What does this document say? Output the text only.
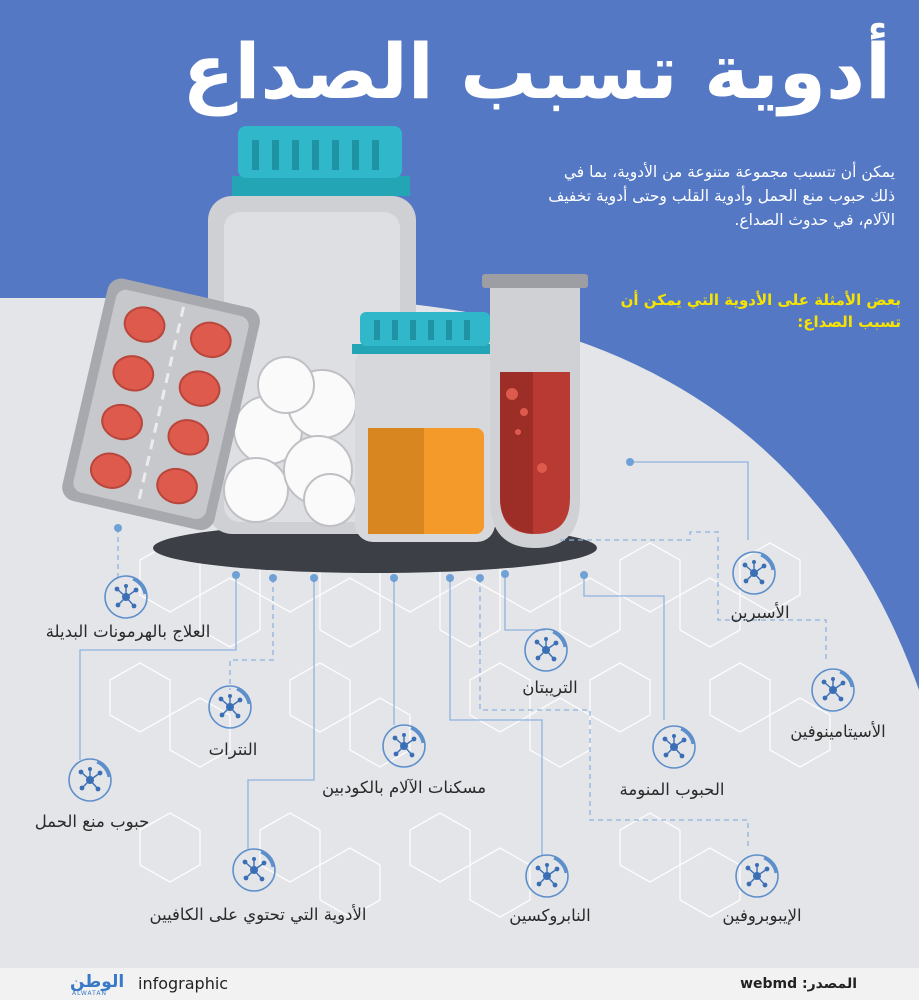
أدوية تسبب الصداع
يمكن أن تتسبب مجموعة متنوعة من الأدوية، بما في ذلك حبوب منع الحمل وأدوية القلب وحتى أدوية تخفيف الآلام، في حدوث الصداع.
بعض الأمثلة على الأدوية التي يمكن أن تسبب الصداع:
العلاج بالهرمونات البديلة
النترات
حبوب منع الحمل
الأدوية التي تحتوي على الكافيين
مسكنات الآلام بالكودبين
التريبتان
النابروكسين
الحبوب المنومة
الأسبرين
الأسيتامينوفين
الإيبوبروفين
المصدر: webmd
الوطن
ALWATAN
infographic
